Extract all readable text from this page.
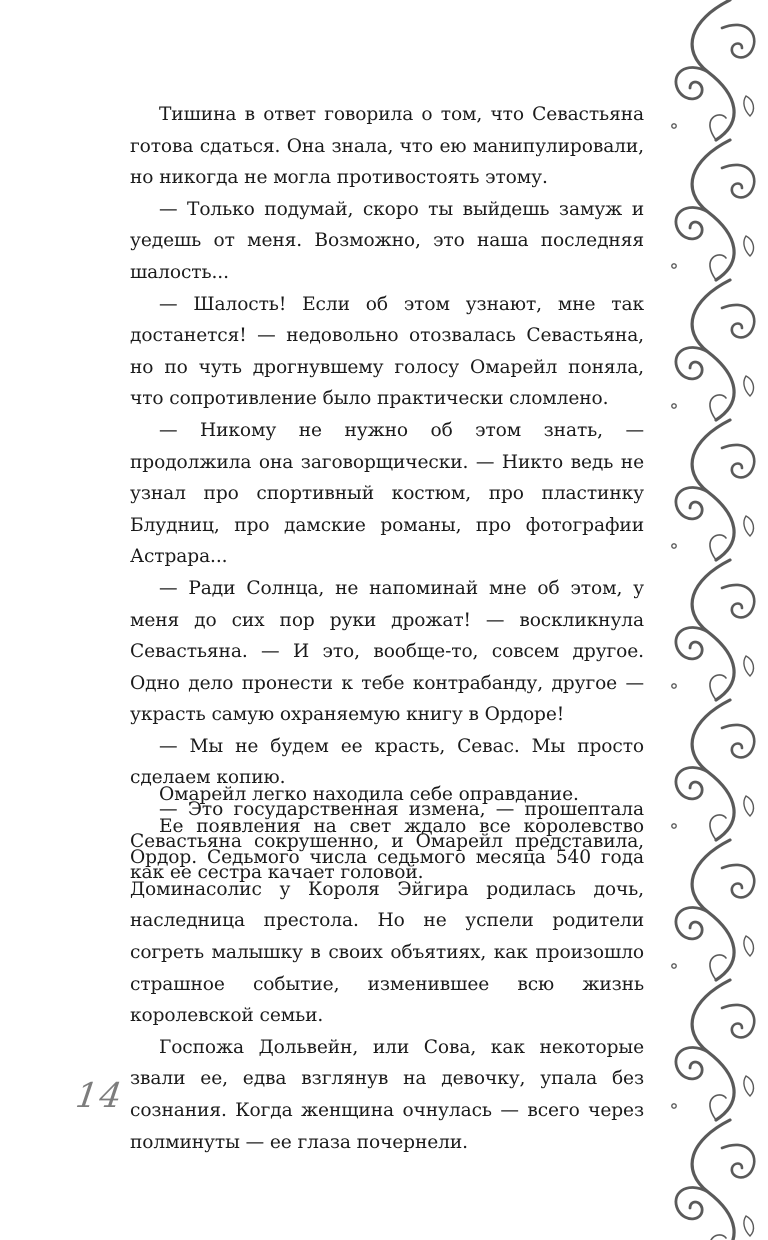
Тишина в ответ говорила о том, что Севастьяна готова сдаться. Она знала, что ею манипулировали, но никогда не могла противостоять этому.

— Только подумай, скоро ты выйдешь замуж и уедешь от меня. Возможно, это наша последняя шалость...

— Шалость! Если об этом узнают, мне так достанется! — недовольно отозвалась Севастьяна, но по чуть дрогнувшему голосу Омарейл поняла, что сопротивление было практически сломлено.

— Никому не нужно об этом знать, — продолжила она заговорщически. — Никто ведь не узнал про спортивный костюм, про пластинку Блудниц, про дамские романы, про фотографии Астрара...

— Ради Солнца, не напоминай мне об этом, у меня до сих пор руки дрожат! — воскликнула Севастьяна. — И это, вообще-то, совсем другое. Одно дело пронести к тебе контрабанду, другое — украсть самую охраняемую книгу в Ордоре!

— Мы не будем ее красть, Севас. Мы просто сделаем копию.

— Это государственная измена, — прошептала Севастьяна сокрушенно, и Омарейл представила, как ее сестра качает головой.

Омарейл легко находила себе оправдание.

Ее появления на свет ждало все королевство Ордор. Седьмого числа седьмого месяца 540 года Доминасолис у Короля Эйгира родилась дочь, наследница престола. Но не успели родители согреть малышку в своих объятиях, как произошло страшное событие, изменившее всю жизнь королевской семьи.

Госпожа Дольвейн, или Сова, как некоторые звали ее, едва взглянув на девочку, упала без сознания. Когда женщина очнулась — всего через полминуты — ее глаза почернели.

14
